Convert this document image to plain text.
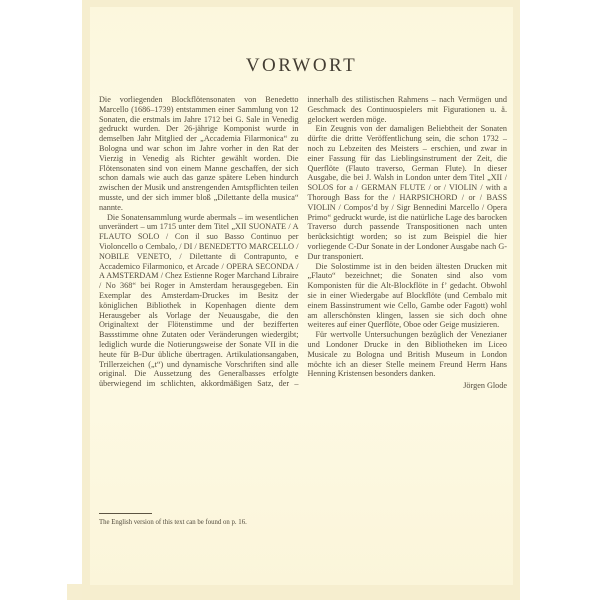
VORWORT

Die vorliegenden Blockflötensonaten von Benedetto Marcello (1686–1739) entstammen einer Sammlung von 12 Sonaten, die erstmals im Jahre 1712 bei G. Sale in Venedig gedruckt wurden. Der 26-jährige Komponist wurde in demselben Jahr Mitglied der „Accademia Filarmonica“ zu Bologna und war schon im Jahre vorher in den Rat der Vierzig in Venedig als Richter gewählt worden. Die Flötensonaten sind von einem Manne geschaffen, der sich schon damals wie auch das ganze spätere Leben hindurch zwischen der Musik und anstrengenden Amtspflichten teilen musste, und der sich immer bloß „Dilettante della musica“ nannte.

Die Sonatensammlung wurde abermals – im wesentlichen unverändert – um 1715 unter dem Titel „XII SUONATE / A FLAUTO SOLO / Con il suo Basso Continuo per Violoncello o Cembalo, / DI / BENEDETTO MARCELLO / NOBILE VENETO, / Dilettante di Contrapunto, e Accademico Filarmonico, et Arcade / OPERA SECONDA / A AMSTERDAM / Chez Estienne Roger Marchand Libraire / No 368“ bei Roger in Amsterdam herausgegeben. Ein Exemplar des Amsterdam-Druckes im Besitz der königlichen Bibliothek in Kopenhagen diente dem Herausgeber als Vorlage der Neuausgabe, die den Originaltext der Flötenstimme und der bezifferten Bassstimme ohne Zutaten oder Veränderungen wiedergibt; lediglich wurde die Notierungsweise der Sonate VII in die heute für B-Dur übliche übertragen. Artikulationsangaben, Trillerzeichen („t“) und dynamische Vorschriften sind alle original. Die Aussetzung des Generalbasses erfolgte überwiegend im schlichten, akkordmäßigen Satz, der – innerhalb des stilistischen Rahmens – nach Vermögen und Geschmack des Continuospielers mit Figurationen u. ä. gelockert werden möge.

Ein Zeugnis von der damaligen Beliebtheit der Sonaten dürfte die dritte Veröffentlichung sein, die schon 1732 – noch zu Lebzeiten des Meisters – erschien, und zwar in einer Fassung für das Lieblingsinstrument der Zeit, die Querflöte (Flauto traverso, German Flute). In dieser Ausgabe, die bei J. Walsh in London unter dem Titel „XII / SOLOS for a / GERMAN FLUTE / or / VIOLIN / with a Thorough Bass for the / HARPSICHORD / or / BASS VIOLIN / Compos’d by / Sigr Bennedini Marcello / Opera Primo“ gedruckt wurde, ist die natürliche Lage des barocken Traverso durch passende Transpositionen nach unten berücksichtigt worden; so ist zum Beispiel die hier vorliegende C-Dur Sonate in der Londoner Ausgabe nach G-Dur transponiert.

Die Solostimme ist in den beiden ältesten Drucken mit „Flauto“ bezeichnet; die Sonaten sind also vom Komponisten für die Alt-Blockflöte in f’ gedacht. Obwohl sie in einer Wiedergabe auf Blockflöte (und Cembalo mit einem Bassinstrument wie Cello, Gambe oder Fagott) wohl am allerschönsten klingen, lassen sie sich doch ohne weiteres auf einer Querflöte, Oboe oder Geige musizieren.

Für wertvolle Untersuchungen bezüglich der Venezianer und Londoner Drucke in den Bibliotheken im Liceo Musicale zu Bologna und British Museum in London möchte ich an dieser Stelle meinem Freund Herrn Hans Henning Kristensen besonders danken.

Jörgen Glode

The English version of this text can be found on p. 16.
